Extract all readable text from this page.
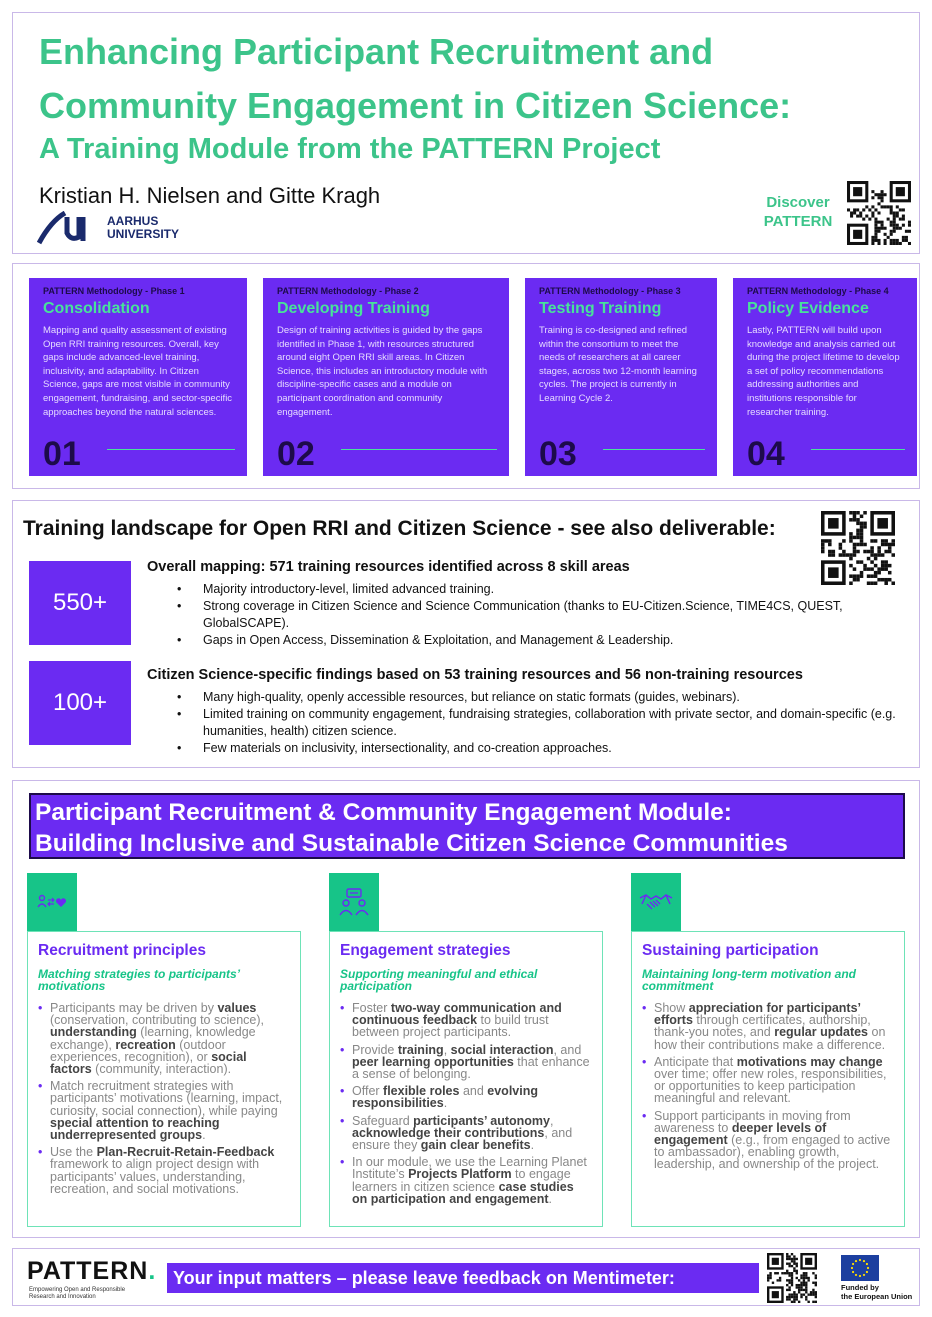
Enhancing Participant Recruitment and
Community Engagement in Citizen Science:
A Training Module from the PATTERN Project
Kristian H. Nielsen and Gitte Kragh
AARHUS
UNIVERSITY
Discover
PATTERN
PATTERN Methodology - Phase 1
Consolidation
Mapping and quality assessment of existing Open RRI training resources. Overall, key gaps include advanced-level training, inclusivity, and adaptability. In Citizen Science, gaps are most visible in community engagement, fundraising, and sector-specific approaches beyond the natural sciences.
01
PATTERN Methodology - Phase 2
Developing Training
Design of training activities is guided by the gaps identified in Phase 1, with resources structured around eight Open RRI skill areas. In Citizen Science, this includes an introductory module with discipline-specific cases and a module on participant coordination and community engagement.
02
PATTERN Methodology - Phase 3
Testing Training
Training is co-designed and refined within the consortium to meet the needs of researchers at all career stages, across two 12-month learning cycles. The project is currently in Learning Cycle 2.
03
PATTERN Methodology - Phase 4
Policy Evidence
Lastly, PATTERN will build upon knowledge and analysis carried out during the project lifetime to develop a set of policy recommendations addressing authorities and institutions responsible for researcher training.
04
Training landscape for Open RRI and Citizen Science - see also deliverable:
550+
100+
Overall mapping: 571 training resources identified across 8 skill areas
• Majority introductory-level, limited advanced training.
• Strong coverage in Citizen Science and Science Communication (thanks to EU-Citizen.Science, TIME4CS, QUEST, GlobalSCAPE).
• Gaps in Open Access, Dissemination & Exploitation, and Management & Leadership.
Citizen Science-specific findings based on 53 training resources and 56 non-training resources
• Many high-quality, openly accessible resources, but reliance on static formats (guides, webinars).
• Limited training on community engagement, fundraising strategies, collaboration with private sector, and domain-specific (e.g. humanities, health) citizen science.
• Few materials on inclusivity, intersectionality, and co-creation approaches.
Participant Recruitment & Community Engagement Module:
Building Inclusive and Sustainable Citizen Science Communities
Recruitment principles
Matching strategies to participants’ motivations
• Participants may be driven by values (conservation, contributing to science), understanding (learning, knowledge exchange), recreation (outdoor experiences, recognition), or social factors (community, interaction).
• Match recruitment strategies with participants’ motivations (learning, impact, curiosity, social connection), while paying special attention to reaching underrepresented groups.
• Use the Plan-Recruit-Retain-Feedback framework to align project design with participants’ values, understanding, recreation, and social motivations.
Engagement strategies
Supporting meaningful and ethical participation
• Foster two-way communication and continuous feedback to build trust between project participants.
• Provide training, social interaction, and peer learning opportunities that enhance a sense of belonging.
• Offer flexible roles and evolving responsibilities.
• Safeguard participants’ autonomy, acknowledge their contributions, and ensure they gain clear benefits.
• In our module, we use the Learning Planet Institute’s Projects Platform to engage learners in citizen science case studies on participation and engagement.
Sustaining participation
Maintaining long-term motivation and commitment
• Show appreciation for participants’ efforts through certificates, authorship, thank-you notes, and regular updates on how their contributions make a difference.
• Anticipate that motivations may change over time; offer new roles, responsibilities, or opportunities to keep participation meaningful and relevant.
• Support participants in moving from awareness to deeper levels of engagement (e.g., from engaged to active to ambassador), enabling growth, leadership, and ownership of the project.
PATTERN.
Empowering Open and Responsible Research and Innovation
Your input matters – please leave feedback on Mentimeter:	Funded by
the European Union
